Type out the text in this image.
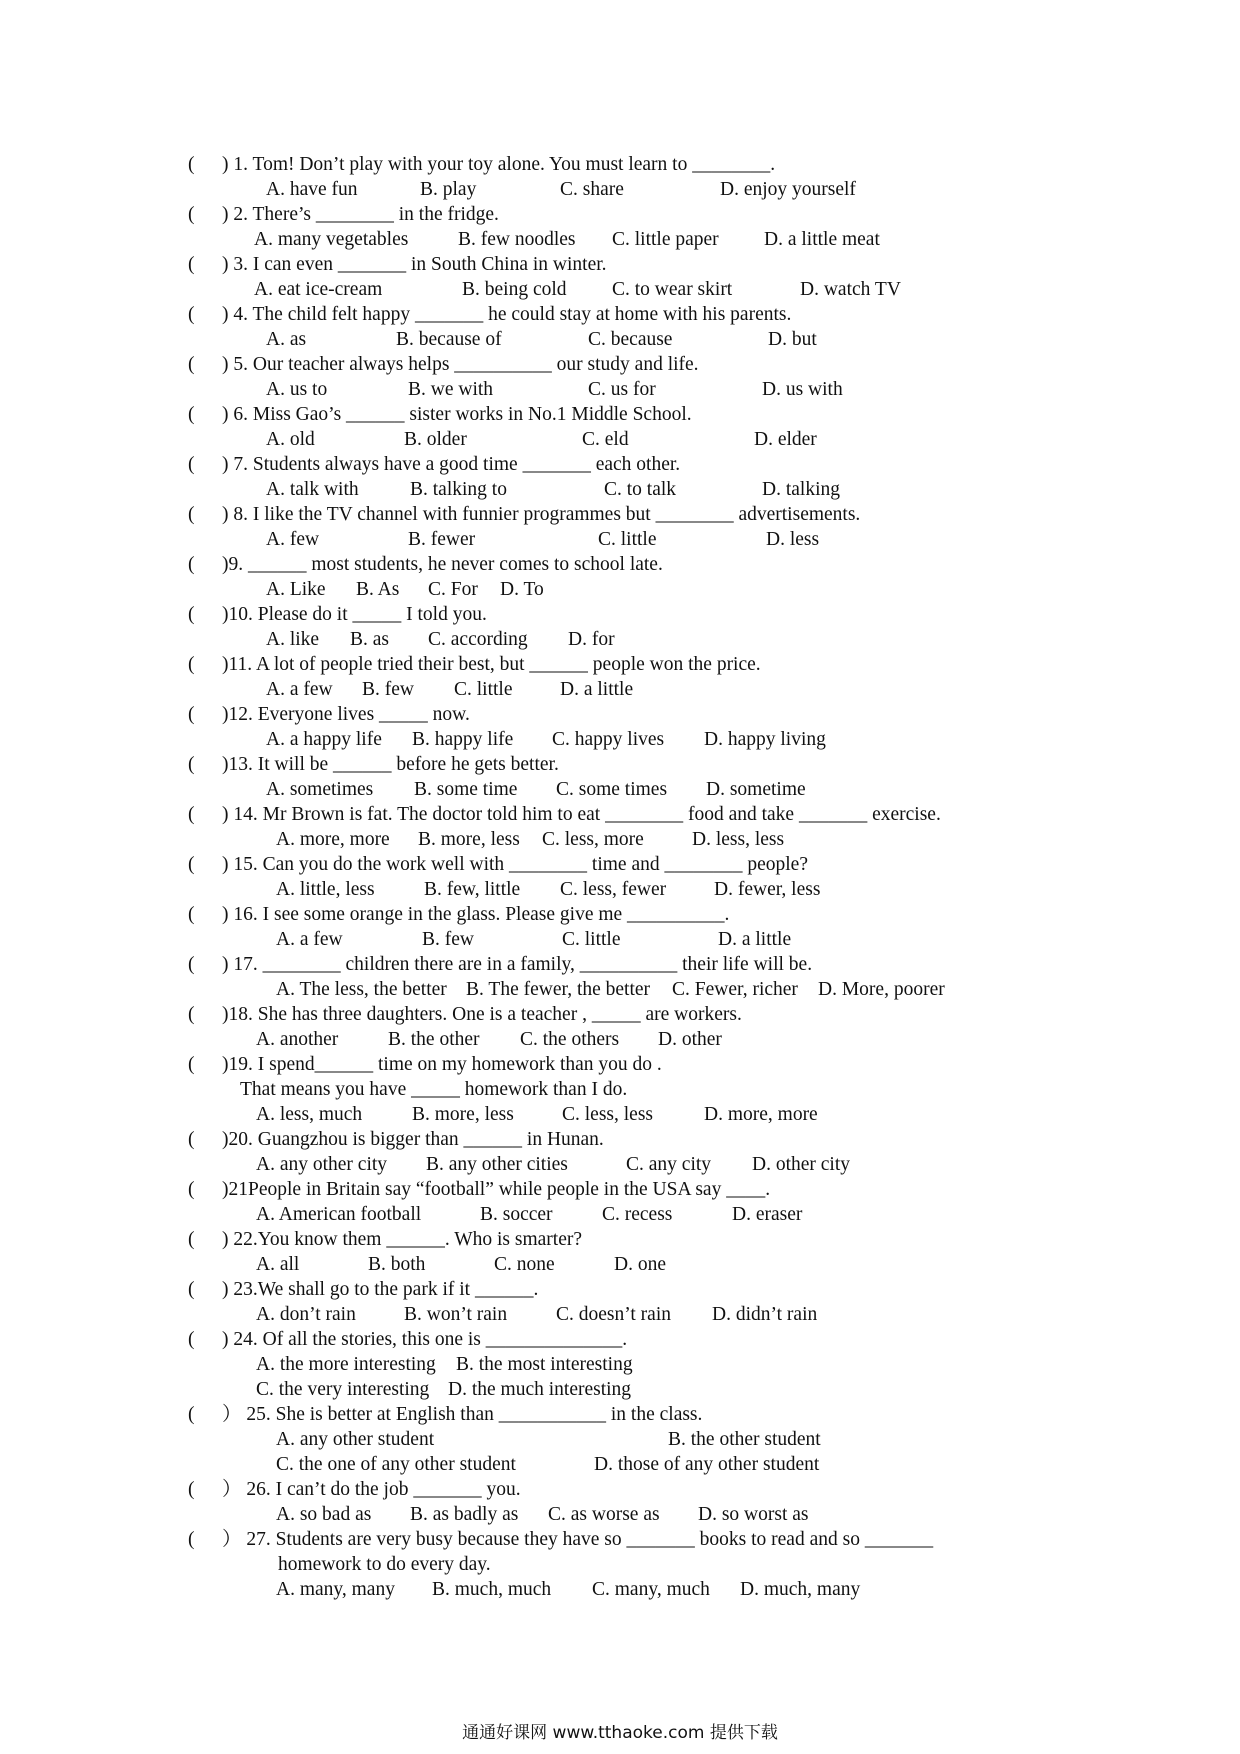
( ) 1. Tom! Don’t play with your toy alone. You must learn to ________.
A. have fun	B. play	C. share	D. enjoy yourself
( ) 2. There’s ________ in the fridge.
A. many vegetables	B. few noodles C. little paper D. a little meat
( ) 3. I can even _______ in South China in winter.
A. eat ice-cream	B. being cold C. to wear skirt	D. watch TV
( ) 4. The child felt happy _______ he could stay at home with his parents.
A. as	B. because of	C. because	D. but
( ) 5. Our teacher always helps __________ our study and life.
A. us to	B. we with	C. us for	D. us with
( ) 6. Miss Gao’s ______ sister works in No.1 Middle School.
A. old	B. older	C. eld	D. elder
( ) 7. Students always have a good time _______ each other.
A. talk with	B. talking to	C. to talk	D. talking
( ) 8. I like the TV channel with funnier programmes but ________ advertisements.
A. few	B. fewer	C. little	D. less
( )9. ______ most students, he never comes to school late.
A. Like B. As C. For D. To
( )10. Please do it _____ I told you.
A. like B. as C. according D. for
( )11. A lot of people tried their best, but ______ people won the price.
A. a few B. few C. little D. a little
( )12. Everyone lives _____ now.
A. a happy life B. happy life C. happy lives D. happy living
( )13. It will be ______ before he gets better.
A. sometimes B. some time C. some times D. sometime
( ) 14. Mr Brown is fat. The doctor told him to eat ________ food and take _______ exercise.
A. more, more B. more, less C. less, more D. less, less
( ) 15. Can you do the work well with ________ time and ________ people?
A. little, less	B. few, little C. less, fewer D. fewer, less
( ) 16. I see some orange in the glass. Please give me __________.
A. a few	B. few	C. little	D. a little
( ) 17. ________ children there are in a family, __________ their life will be.
A. The less, the better B. The fewer, the better C. Fewer, richer D. More, poorer
( )18. She has three daughters. One is a teacher , _____ are workers.
A. another	B. the other C. the others D. other
( )19. I spend______ time on my homework than you do .
That means you have _____ homework than I do.
A. less, much	B. more, less C. less, less	D. more, more
( )20. Guangzhou is bigger than ______ in Hunan.
A. any other city B. any other cities	C. any city D. other city
( )21People in Britain say “football” while people in the USA say ____.
A. American football	B. soccer	C. recess	D. eraser
( ) 22.You know them ______. Who is smarter?
A. all	B. both	C. none	D. one
( ) 23.We shall go to the park if it ______.
A. don’t rain B. won’t rain	C. doesn’t rain D. didn’t rain
( ) 24. Of all the stories, this one is ______________.
A. the more interesting B. the most interesting
C. the very interesting D. the much interesting
( ） 25. She is better at English than ___________ in the class.
A. any other student	B. the other student
C. the one of any other student	D. those of any other student
( ） 26. I can’t do the job _______ you.
A. so bad as B. as badly as C. as worse as D. so worst as
( ） 27. Students are very busy because they have so _______ books to read and so _______
homework to do every day.
A. many, many B. much, much C. many, much D. much, many
通通好课网 www.tthaoke.com 提供下载
